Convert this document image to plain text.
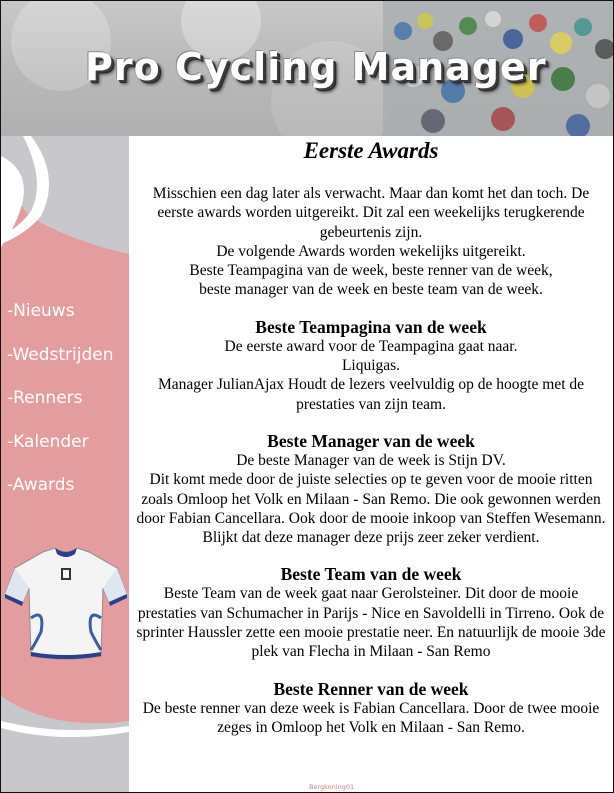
Pro Cycling Manager
-Nieuws
-Wedstrijden
-Renners
-Kalender
-Awards
Eerste Awards

Misschien een dag later als verwacht. Maar dan komt het dan toch. De eerste awards worden uitgereikt. Dit zal een weekelijks terugkerende gebeurtenis zijn.

De volgende Awards worden wekelijks uitgereikt.

Beste Teampagina van de week, beste renner van de week,

beste manager van de week en beste team van de week.

Beste Teampagina van de week

De eerste award voor de Teampagina gaat naar.

Liquigas.

Manager JulianAjax Houdt de lezers veelvuldig op de hoogte met de prestaties van zijn team.

Beste Manager van de week

De beste Manager van de week is Stijn DV.

Dit komt mede door de juiste selecties op te geven voor de mooie ritten zoals Omloop het Volk en Milaan - San Remo. Die ook gewonnen werden door Fabian Cancellara. Ook door de mooie inkoop van Steffen Wesemann. Blijkt dat deze manager deze prijs zeer zeker verdient.

Beste Team van de week

Beste Team van de week gaat naar Gerolsteiner. Dit door de mooie prestaties van Schumacher in Parijs - Nice en Savoldelli in Tirreno. Ook de sprinter Haussler zette een mooie prestatie neer. En natuurlijk de mooie 3de plek van Flecha in Milaan - San Remo

Beste Renner van de week

De beste renner van deze week is Fabian Cancellara. Door de twee mooie zeges in Omloop het Volk en Milaan - San Remo.

Bergkoning01
